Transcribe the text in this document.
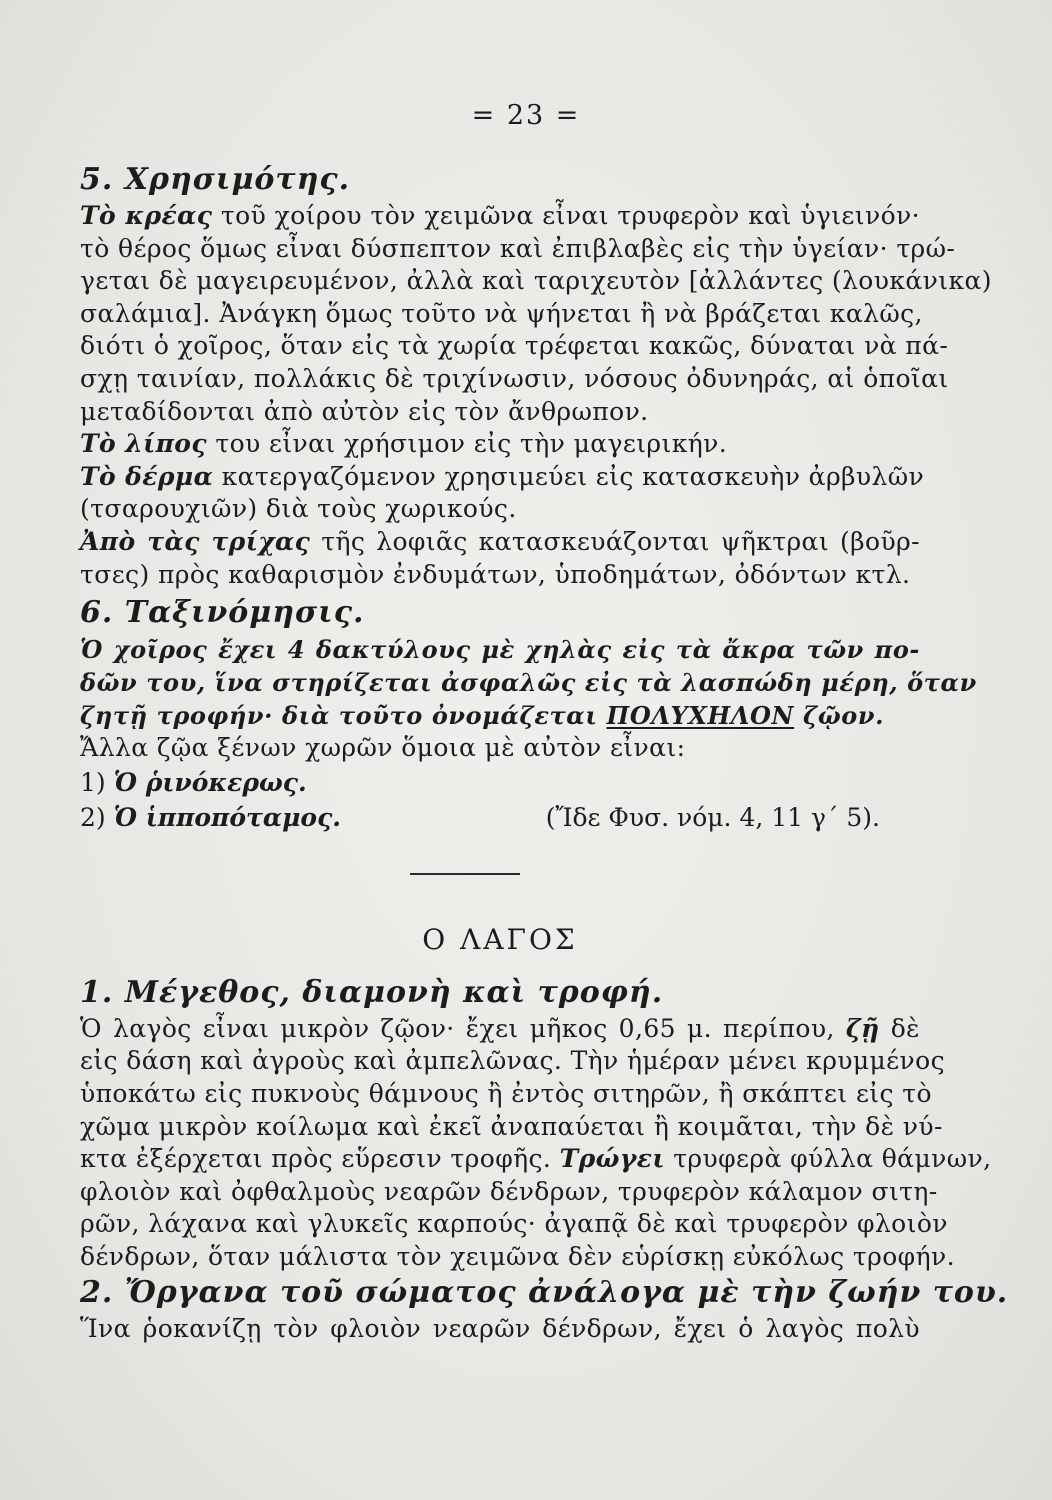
= 23 =
5. Χρησιμότης.
Τὸ κρέας τοῦ χοίρου τὸν χειμῶνα εἶναι τρυφερὸν καὶ ὑγιεινόν·
τὸ θέρος ὅμως εἶναι δύσπεπτον καὶ ἐπιβλαβὲς εἰς τὴν ὑγείαν· τρώ-
γεται δὲ μαγειρευμένον, ἀλλὰ καὶ ταριχευτὸν [ἀλλάντες (λουκάνικα)
σαλάμια]. Ἀνάγκη ὅμως τοῦτο νὰ ψήνεται ἢ νὰ βράζεται καλῶς,
διότι ὁ χοῖρος, ὅταν εἰς τὰ χωρία τρέφεται κακῶς, δύναται νὰ πά-
σχῃ ταινίαν, πολλάκις δὲ τριχίνωσιν, νόσους ὀδυνηράς, αἱ ὁποῖαι
μεταδίδονται ἀπὸ αὐτὸν εἰς τὸν ἄνθρωπον.
Τὸ λίπος του εἶναι χρήσιμον εἰς τὴν μαγειρικήν.
Τὸ δέρμα κατεργαζόμενον χρησιμεύει εἰς κατασκευὴν ἀρβυλῶν
(τσαρουχιῶν) διὰ τοὺς χωρικούς.
Ἀπὸ τὰς τρίχας τῆς λοφιᾶς κατασκευάζονται ψῆκτραι (βοῦρ-
τσες) πρὸς καθαρισμὸν ἐνδυμάτων, ὑποδημάτων, ὀδόντων κτλ.
6. Ταξινόμησις.
Ὁ χοῖρος ἔχει 4 δακτύλους μὲ χηλὰς εἰς τὰ ἄκρα τῶν πο-
δῶν του, ἵνα στηρίζεται ἀσφαλῶς εἰς τὰ λασπώδη μέρη, ὅταν
ζητῇ τροφήν· διὰ τοῦτο ὀνομάζεται ΠΟΛΥΧΗΛΟΝ ζῷον.
Ἄλλα ζῷα ξένων χωρῶν ὅμοια μὲ αὐτὸν εἶναι:
1) Ὁ ῥινόκερως.
2) Ὁ ἱπποπόταμος.	(Ἴδε Φυσ. νόμ. 4, 11 γ΄ 5).
Ο ΛΑΓΟΣ
1. Μέγεθος, διαμονὴ καὶ τροφή.
Ὁ λαγὸς εἶναι μικρὸν ζῷον· ἔχει μῆκος 0,65 μ. περίπου, ζῇ δὲ
εἰς δάση καὶ ἀγροὺς καὶ ἀμπελῶνας. Τὴν ἡμέραν μένει κρυμμένος
ὑποκάτω εἰς πυκνοὺς θάμνους ἢ ἐντὸς σιτηρῶν, ἢ σκάπτει εἰς τὸ
χῶμα μικρὸν κοίλωμα καὶ ἐκεῖ ἀναπαύεται ἢ κοιμᾶται, τὴν δὲ νύ-
κτα ἐξέρχεται πρὸς εὕρεσιν τροφῆς. Τρώγει τρυφερὰ φύλλα θάμνων,
φλοιὸν καὶ ὀφθαλμοὺς νεαρῶν δένδρων, τρυφερὸν κάλαμον σιτη-
ρῶν, λάχανα καὶ γλυκεῖς καρπούς· ἀγαπᾷ δὲ καὶ τρυφερὸν φλοιὸν
δένδρων, ὅταν μάλιστα τὸν χειμῶνα δὲν εὑρίσκῃ εὐκόλως τροφήν.
2. Ὄργανα τοῦ σώματος ἀνάλογα μὲ τὴν ζωήν του.
Ἵνα ῥοκανίζῃ τὸν φλοιὸν νεαρῶν δένδρων, ἔχει ὁ λαγὸς πολὺ
